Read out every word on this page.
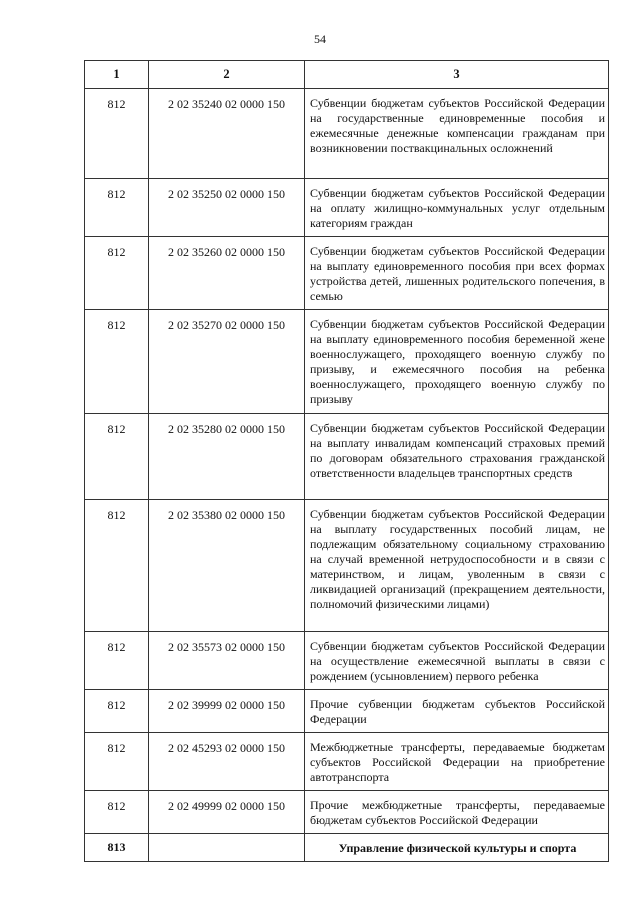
54
1	2	3
812	2 02 35240 02 0000 150	Субвенции бюджетам субъектов Российской Федерации на государственные единовременные пособия и ежемесячные денежные компенсации гражданам при возникновении поствакцинальных осложнений
812	2 02 35250 02 0000 150	Субвенции бюджетам субъектов Российской Федерации на оплату жилищно-коммунальных услуг отдельным категориям граждан
812	2 02 35260 02 0000 150	Субвенции бюджетам субъектов Российской Федерации на выплату единовременного пособия при всех формах устройства детей, лишенных родительского попечения, в семью
812	2 02 35270 02 0000 150	Субвенции бюджетам субъектов Российской Федерации на выплату единовременного пособия беременной жене военнослужащего, проходящего военную службу по призыву, и ежемесячного пособия на ребенка военнослужащего, проходящего военную службу по призыву
812	2 02 35280 02 0000 150	Субвенции бюджетам субъектов Российской Федерации на выплату инвалидам компенсаций страховых премий по договорам обязательного страхования гражданской ответственности владельцев транспортных средств
812	2 02 35380 02 0000 150	Субвенции бюджетам субъектов Российской Федерации на выплату государственных пособий лицам, не подлежащим обязательному социальному страхованию на случай временной нетрудоспособности и в связи с материнством, и лицам, уволенным в связи с ликвидацией организаций (прекращением деятельности, полномочий физическими лицами)
812	2 02 35573 02 0000 150	Субвенции бюджетам субъектов Российской Федерации на осуществление ежемесячной выплаты в связи с рождением (усыновлением) первого ребенка
812	2 02 39999 02 0000 150	Прочие субвенции бюджетам субъектов Российской Федерации
812	2 02 45293 02 0000 150	Межбюджетные трансферты, передаваемые бюджетам субъектов Российской Федерации на приобретение автотранспорта
812	2 02 49999 02 0000 150	Прочие межбюджетные трансферты, передаваемые бюджетам субъектов Российской Федерации
813		Управление физической культуры и спорта
